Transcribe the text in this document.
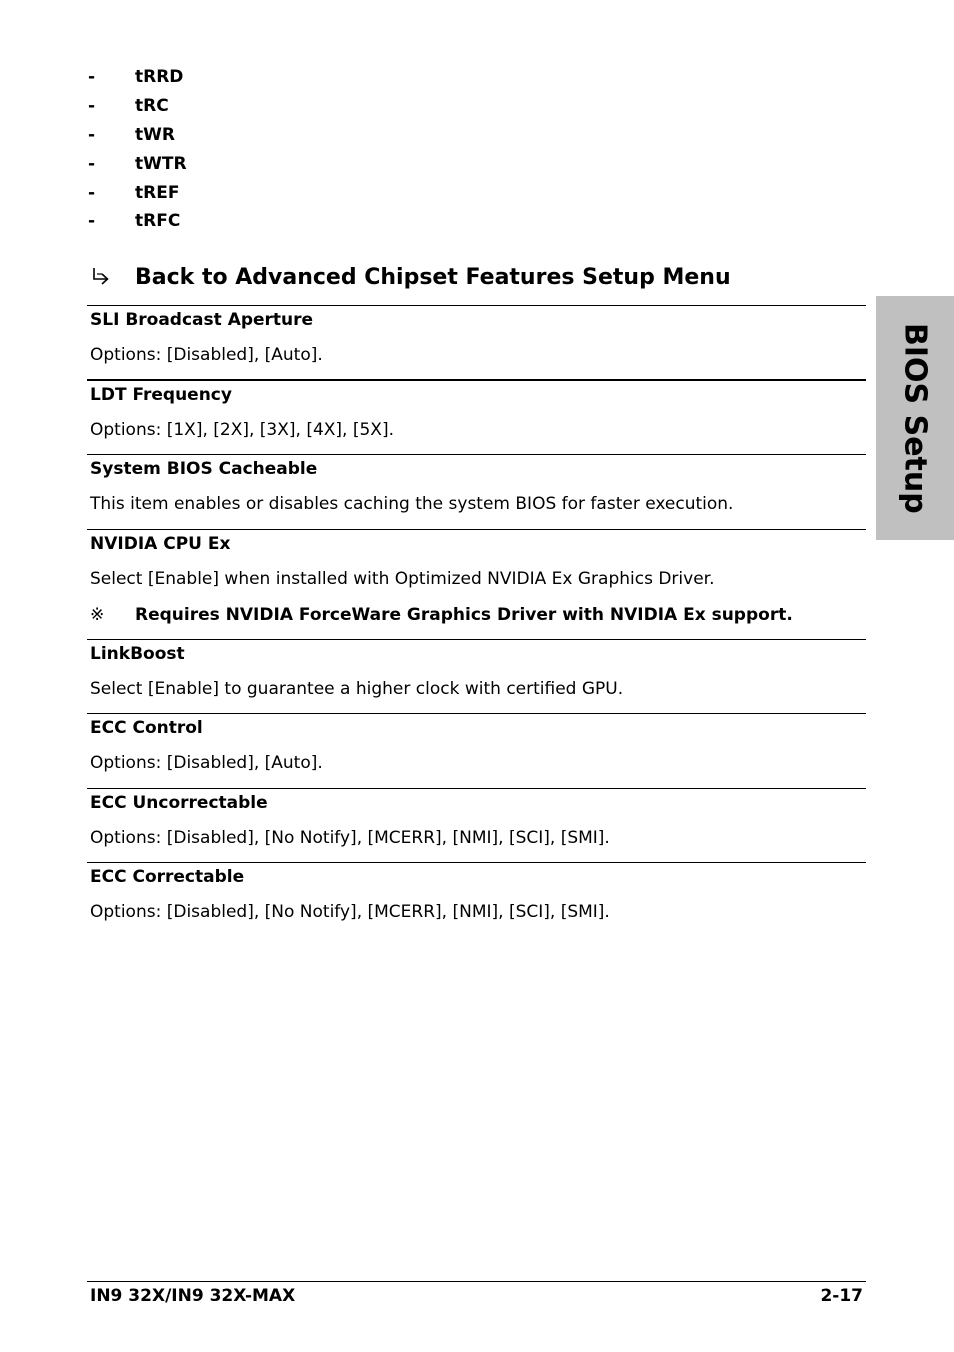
-	tRRD
-	tRC
-	tWR
-	tWTR
-	tREF
-	tRFC
Back to Advanced Chipset Features Setup Menu
SLI Broadcast Aperture
Options: [Disabled], [Auto].
LDT Frequency
Options: [1X], [2X], [3X], [4X], [5X].
System BIOS Cacheable
This item enables or disables caching the system BIOS for faster execution.
NVIDIA CPU Ex
Select [Enable] when installed with Optimized NVIDIA Ex Graphics Driver.
※	Requires NVIDIA ForceWare Graphics Driver with NVIDIA Ex support.
LinkBoost
Select [Enable] to guarantee a higher clock with certified GPU.
ECC Control
Options: [Disabled], [Auto].
ECC Uncorrectable
Options: [Disabled], [No Notify], [MCERR], [NMI], [SCI], [SMI].
ECC Correctable
Options: [Disabled], [No Notify], [MCERR], [NMI], [SCI], [SMI].
BIOS Setup
IN9 32X/IN9 32X-MAX	2-17
